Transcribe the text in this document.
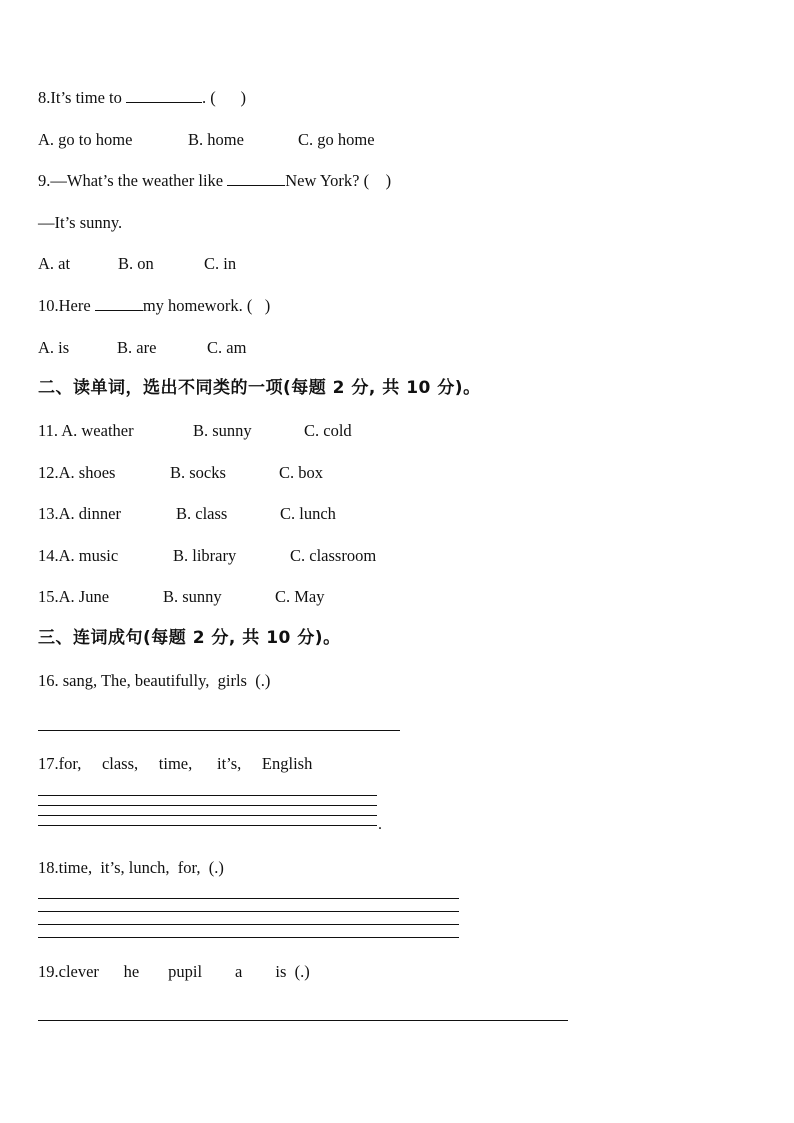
8.It’s time to	. (      )
A. go to home	B. home	C. go home
9.—What’s the weather like	New York? (    )
—It’s sunny.
A. at	B. on	C. in
10.Here	my homework. (   )
A. is	B. are	C. am
二、读单词，选出不同类的一项(每题 2 分, 共 10 分)。
11. A. weather	B. sunny	C. cold
12.A. shoes	B. socks	C. box
13.A. dinner	B. class	C. lunch
14.A. music	B. library	C. classroom
15.A. June	B. sunny	C. May
三、连词成句(每题 2 分, 共 10 分)。
16. sang, The, beautifully,  girls  (.)
17.for,     class,     time,      it’s,     English
.
18.time,  it’s, lunch,  for,  (.)
19.clever      he       pupil        a        is  (.)
